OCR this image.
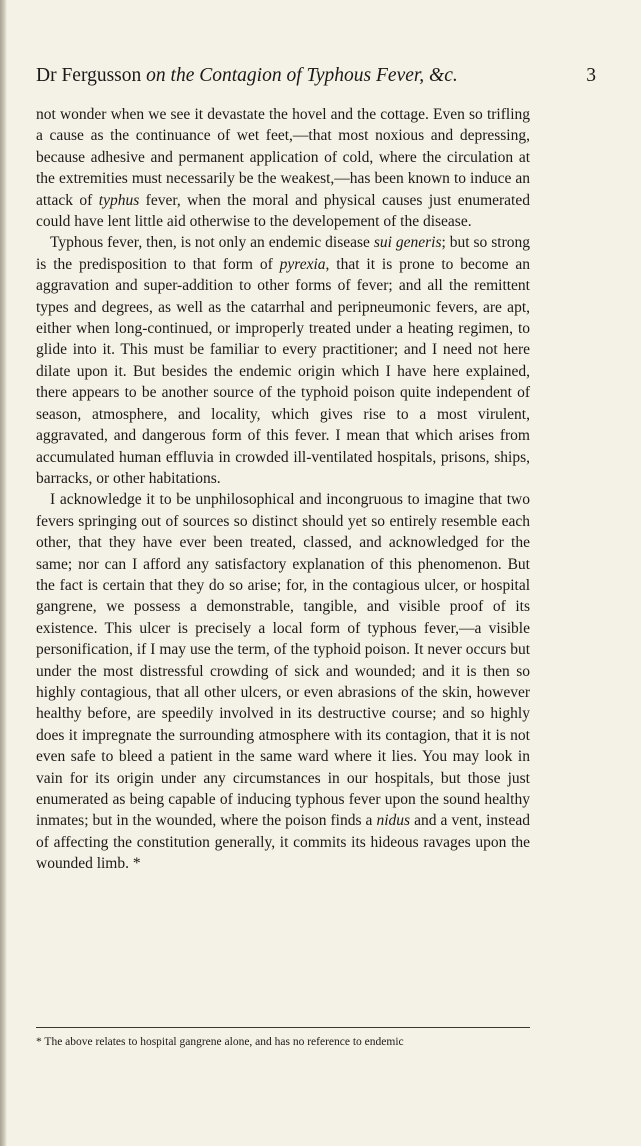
Dr Fergusson on the Contagion of Typhous Fever, &c.	3

not wonder when we see it devastate the hovel and the cottage. Even so trifling a cause as the continuance of wet feet,—that most noxious and depressing, because adhesive and permanent application of cold, where the circulation at the extremities must necessarily be the weakest,—has been known to induce an attack of typhus fever, when the moral and physical causes just enumerated could have lent little aid otherwise to the developement of the disease.

Typhous fever, then, is not only an endemic disease sui generis; but so strong is the predisposition to that form of pyrexia, that it is prone to become an aggravation and super-addition to other forms of fever; and all the remittent types and degrees, as well as the catarrhal and peripneumonic fevers, are apt, either when long-continued, or improperly treated under a heating regimen, to glide into it. This must be familiar to every practitioner; and I need not here dilate upon it. But besides the endemic origin which I have here explained, there appears to be another source of the typhoid poison quite independent of season, atmosphere, and locality, which gives rise to a most virulent, aggravated, and dangerous form of this fever. I mean that which arises from accumulated human effluvia in crowded ill-ventilated hospitals, prisons, ships, barracks, or other habitations.

I acknowledge it to be unphilosophical and incongruous to imagine that two fevers springing out of sources so distinct should yet so entirely resemble each other, that they have ever been treated, classed, and acknowledged for the same; nor can I afford any satisfactory explanation of this phenomenon. But the fact is certain that they do so arise; for, in the contagious ulcer, or hospital gangrene, we possess a demonstrable, tangible, and visible proof of its existence. This ulcer is precisely a local form of typhous fever,—a visible personification, if I may use the term, of the typhoid poison. It never occurs but under the most distressful crowding of sick and wounded; and it is then so highly contagious, that all other ulcers, or even abrasions of the skin, however healthy before, are speedily involved in its destructive course; and so highly does it impregnate the surrounding atmosphere with its contagion, that it is not even safe to bleed a patient in the same ward where it lies. You may look in vain for its origin under any circumstances in our hospitals, but those just enumerated as being capable of inducing typhous fever upon the sound healthy inmates; but in the wounded, where the poison finds a nidus and a vent, instead of affecting the constitution generally, it commits its hideous ravages upon the wounded limb. *

* The above relates to hospital gangrene alone, and has no reference to endemic
